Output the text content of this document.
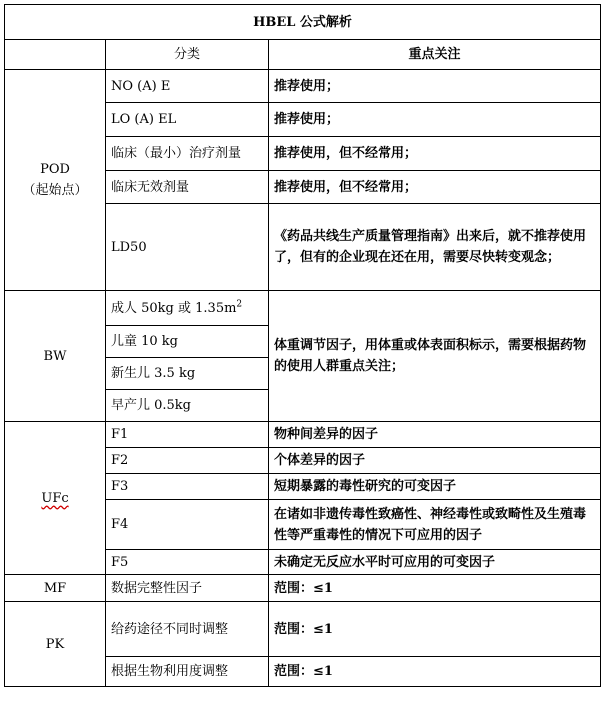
HBEL 公式解析		
	分类	重点关注

POD
（起始点）	NO (A) E	推荐使用；
	LO (A) EL	推荐使用；
	临床（最小）治疗剂量	推荐使用，但不经常用；
	临床无效剂量	推荐使用，但不经常用；
	LD50	《药品共线生产质量管理指南》出来后，就不推荐使用了，但有的企业现在还在用，需要尽快转变观念；
BW	成人 50kg 或 $1.35m^2$	体重调节因子，用体重或体表面积标示，需要根据药物的使用人群重点关注；
	儿童 10 kg	
	新生儿 3.5 kg	
	早产儿 0.5kg	
UFc	F1	物种间差异的因子
	F2	个体差异的因子
	F3	短期暴露的毒性研究的可变因子
	F4	在诸如非遗传毒性致癌性、神经毒性或致畸性及生殖毒性等严重毒性的情况下可应用的因子
	F5	未确定无反应水平时可应用的可变因子
MF	数据完整性因子	范围：≤1
PK	给药途径不同时调整	范围：≤1
	根据生物利用度调整	范围：≤1
